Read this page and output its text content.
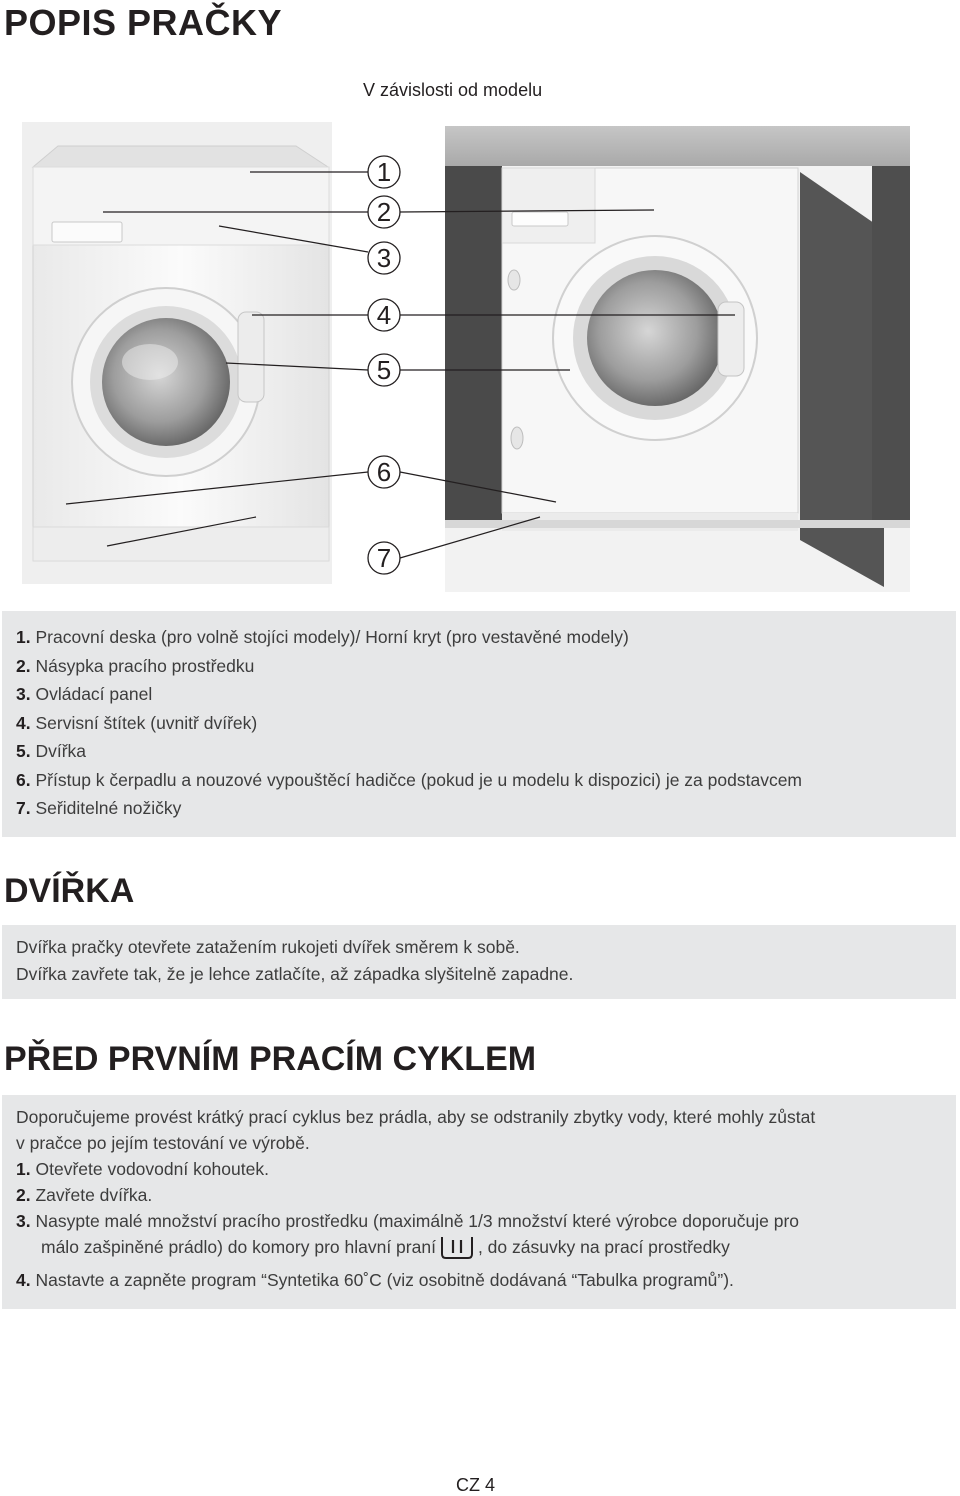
POPIS PRAČKY
V závislosti od modelu
1
2
3
4
5
6
7
1. Pracovní deska (pro volně stojíci modely)/ Horní kryt (pro vestavěné modely)
2. Násypka pracího prostředku
3. Ovládací panel
4. Servisní štítek (uvnitř dvířek)
5. Dvířka
6. Přístup k čerpadlu a nouzové vypouštěcí hadičce (pokud je u modelu k dispozici) je za podstavcem
7. Seřiditelné nožičky
DVÍŘKA
Dvířka pračky otevřete zatažením rukojeti dvířek směrem k sobě.
Dvířka zavřete tak, že je lehce zatlačíte, až západka slyšitelně zapadne.
PŘED PRVNÍM PRACÍM CYKLEM
Doporučujeme provést krátký prací cyklus bez prádla, aby se odstranily zbytky vody, které mohly zůstat
v pračce po jejím testování ve výrobě.
1. Otevřete vodovodní kohoutek.
2. Zavřete dvířka.
3. Nasypte malé množství pracího prostředku (maximálně 1/3 množství které výrobce doporučuje pro
málo zašpiněné prádlo) do komory pro hlavní praní , do zásuvky na prací prostředky
4. Nastavte a zapněte program “Syntetika 60˚C (viz osobitně dodávaná “Tabulka programů”).
CZ 4
